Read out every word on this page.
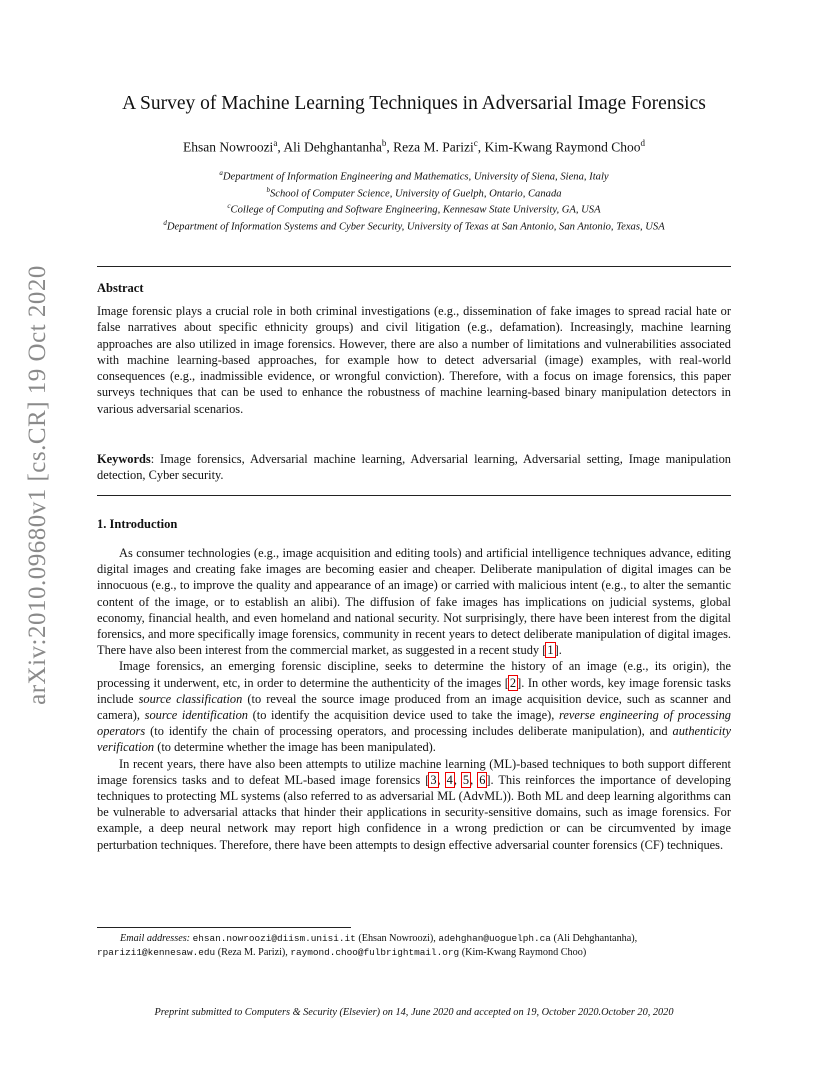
arXiv:2010.09680v1 [cs.CR] 19 Oct 2020
A Survey of Machine Learning Techniques in Adversarial Image Forensics
Ehsan Nowroozi$^a$, Ali Dehghantanha$^b$, Reza M. Parizi$^c$, Kim-Kwang Raymond Choo$^d$
$^a$Department of Information Engineering and Mathematics, University of Siena, Siena, Italy
$^b$School of Computer Science, University of Guelph, Ontario, Canada
$^c$College of Computing and Software Engineering, Kennesaw State University, GA, USA
$^d$Department of Information Systems and Cyber Security, University of Texas at San Antonio, San Antonio, Texas, USA
Abstract
Image forensic plays a crucial role in both criminal investigations (e.g., dissemination of fake images to spread racial hate or false narratives about specific ethnicity groups) and civil litigation (e.g., defamation). Increasingly, machine learning approaches are also utilized in image forensics. However, there are also a number of limitations and vulnerabilities associated with machine learning-based approaches, for example how to detect adversarial (image) examples, with real-world consequences (e.g., inadmissible evidence, or wrongful conviction). Therefore, with a focus on image forensics, this paper surveys techniques that can be used to enhance the robustness of machine learning-based binary manipulation detectors in various adversarial scenarios.
Keywords: Image forensics, Adversarial machine learning, Adversarial learning, Adversarial setting, Image manipulation detection, Cyber security.
1. Introduction

As consumer technologies (e.g., image acquisition and editing tools) and artificial intelligence techniques advance, editing digital images and creating fake images are becoming easier and cheaper. Deliberate manipulation of digital images can be innocuous (e.g., to improve the quality and appearance of an image) or carried with malicious intent (e.g., to alter the semantic content of the image, or to establish an alibi). The diffusion of fake images has implications on judicial systems, global economy, financial health, and even homeland and national security. Not surprisingly, there have been interest from the digital forensics, and more specifically image forensics, community in recent years to detect deliberate manipulation of digital images. There have also been interest from the commercial market, as suggested in a recent study [1].

Image forensics, an emerging forensic discipline, seeks to determine the history of an image (e.g., its origin), the processing it underwent, etc, in order to determine the authenticity of the images [2]. In other words, key image forensic tasks include source classification (to reveal the source image produced from an image acquisition device, such as scanner and camera), source identification (to identify the acquisition device used to take the image), reverse engineering of processing operators (to identify the chain of processing operators, and processing includes deliberate manipulation), and authenticity verification (to determine whether the image has been manipulated).

In recent years, there have also been attempts to utilize machine learning (ML)-based techniques to both support different image forensics tasks and to defeat ML-based image forensics [3, 4, 5, 6]. This reinforces the importance of developing techniques to protecting ML systems (also referred to as adversarial ML (AdvML)). Both ML and deep learning algorithms can be vulnerable to adversarial attacks that hinder their applications in security-sensitive domains, such as image forensics. For example, a deep neural network may report high confidence in a wrong prediction or can be circumvented by image perturbation techniques. Therefore, there have been attempts to design effective adversarial counter forensics (CF) techniques.

Email addresses: ehsan.nowroozi@diism.unisi.it (Ehsan Nowroozi), adehghan@uoguelph.ca (Ali Dehghantanha),
rparizi1@kennesaw.edu (Reza M. Parizi), raymond.choo@fulbrightmail.org (Kim-Kwang Raymond Choo)
Preprint submitted to Computers & Security (Elsevier) on 14, June 2020 and accepted on 19, October 2020.October 20, 2020
